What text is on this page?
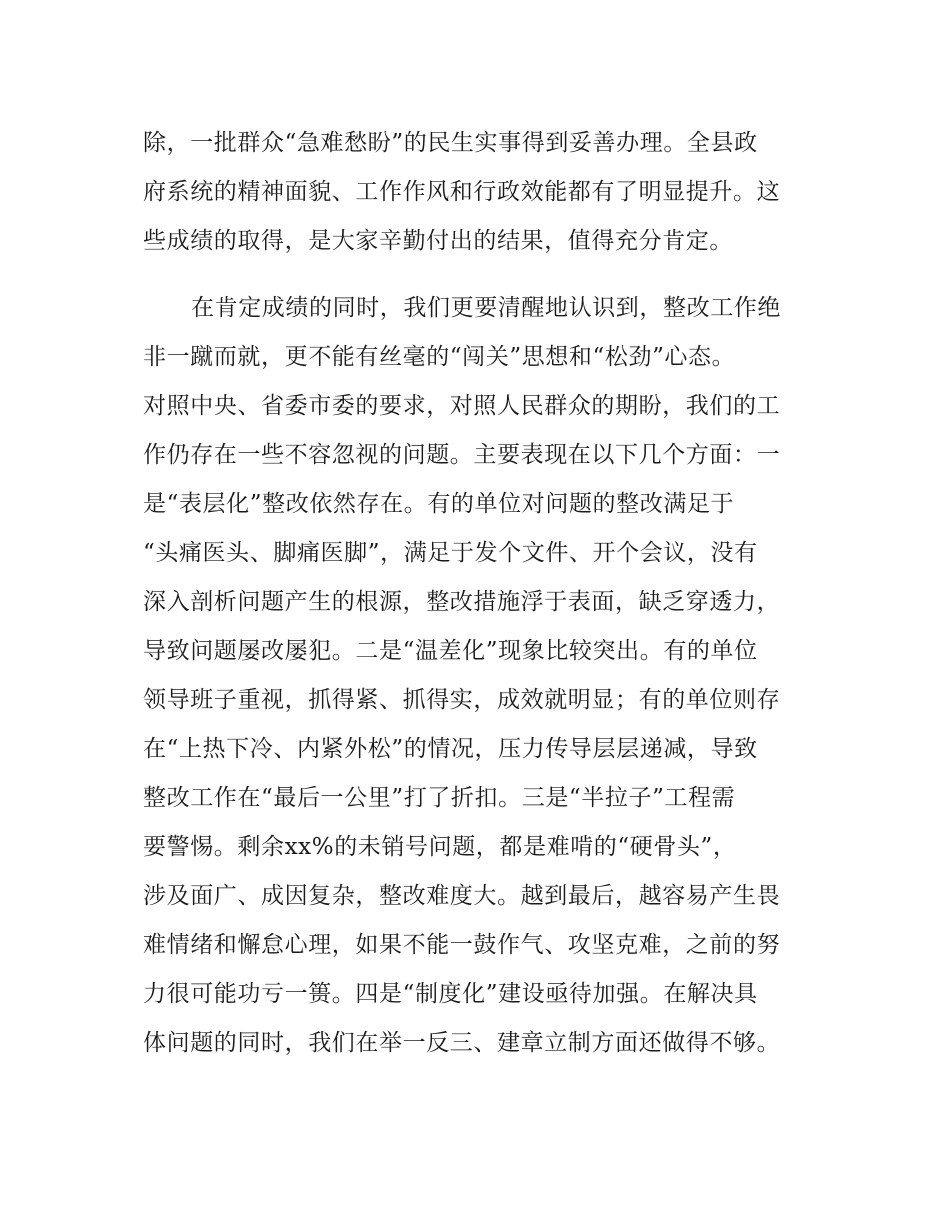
除，一批群众“急难愁盼”的民生实事得到妥善办理。全县政
府系统的精神面貌、工作作风和行政效能都有了明显提升。这
些成绩的取得，是大家辛勤付出的结果，值得充分肯定。
在肯定成绩的同时，我们更要清醒地认识到，整改工作绝
非一蹴而就，更不能有丝毫的“闯关”思想和“松劲”心态。
对照中央、省委市委的要求，对照人民群众的期盼，我们的工
作仍存在一些不容忽视的问题。主要表现在以下几个方面：一
是“表层化”整改依然存在。有的单位对问题的整改满足于
“头痛医头、脚痛医脚”，满足于发个文件、开个会议，没有
深入剖析问题产生的根源，整改措施浮于表面，缺乏穿透力，
导致问题屡改屡犯。二是“温差化”现象比较突出。有的单位
领导班子重视，抓得紧、抓得实，成效就明显；有的单位则存
在“上热下冷、内紧外松”的情况，压力传导层层递减，导致
整改工作在“最后一公里”打了折扣。三是“半拉子”工程需
要警惕。剩余xx%的未销号问题，都是难啃的“硬骨头”，
涉及面广、成因复杂，整改难度大。越到最后，越容易产生畏
难情绪和懈怠心理，如果不能一鼓作气、攻坚克难，之前的努
力很可能功亏一篑。四是“制度化”建设亟待加强。在解决具
体问题的同时，我们在举一反三、建章立制方面还做得不够。
